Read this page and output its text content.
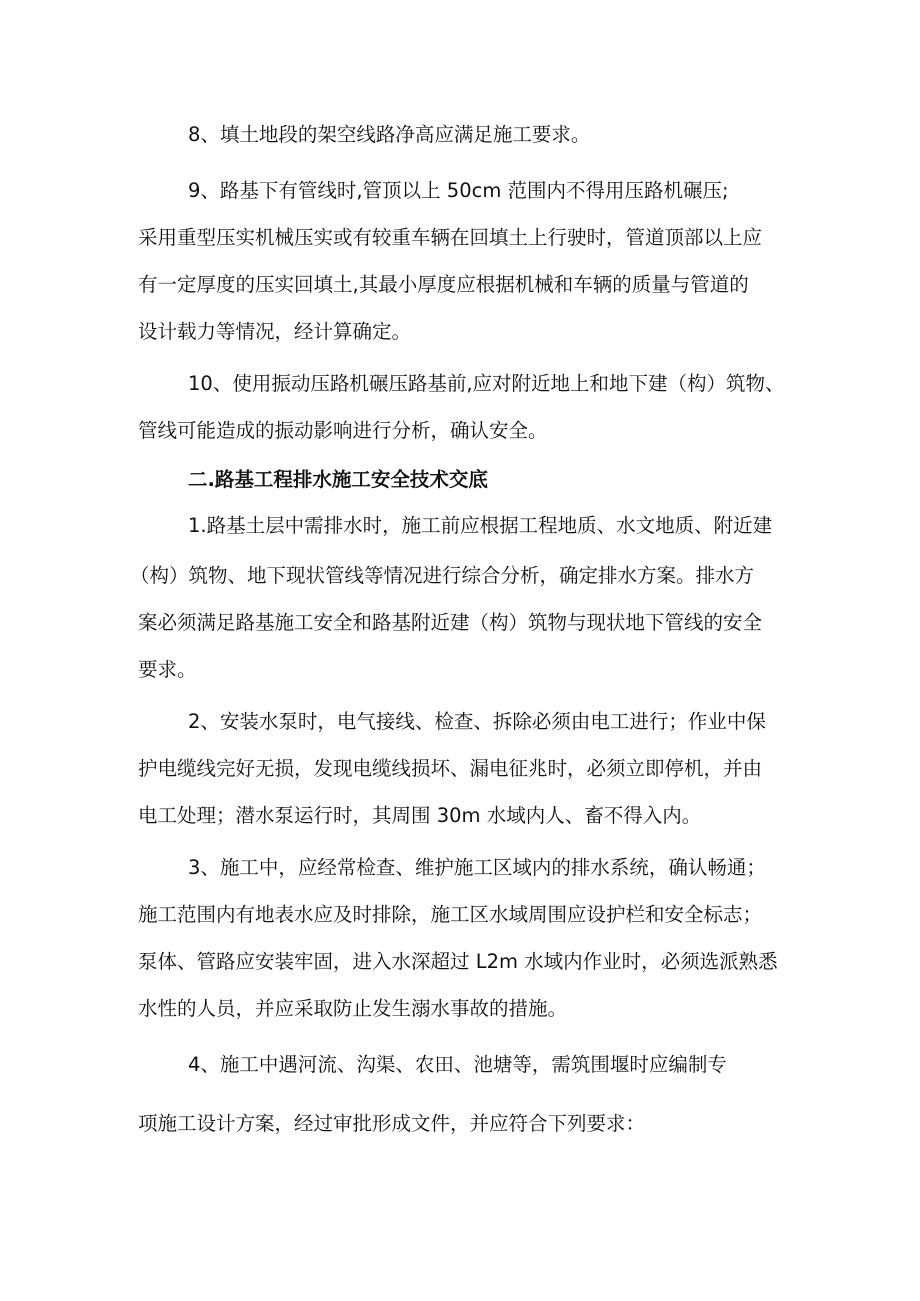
8、填土地段的架空线路净高应满足施工要求。
9、路基下有管线时,管顶以上 50cm 范围内不得用压路机碾压;
采用重型压实机械压实或有较重车辆在回填土上行驶时，管道顶部以上应
有一定厚度的压实回填土,其最小厚度应根据机械和车辆的质量与管道的
设计载力等情况，经计算确定。
10、使用振动压路机碾压路基前,应对附近地上和地下建（构）筑物、
管线可能造成的振动影响进行分析，确认安全。
二.路基工程排水施工安全技术交底
1.路基土层中需排水时，施工前应根据工程地质、水文地质、附近建
（构）筑物、地下现状管线等情况进行综合分析，确定排水方案。排水方
案必须满足路基施工安全和路基附近建（构）筑物与现状地下管线的安全
要求。
2、安装水泵时，电气接线、检查、拆除必须由电工进行；作业中保
护电缆线完好无损，发现电缆线损坏、漏电征兆时，必须立即停机，并由
电工处理；潜水泵运行时，其周围 30m 水域内人、畜不得入内。
3、施工中，应经常检查、维护施工区域内的排水系统，确认畅通；
施工范围内有地表水应及时排除，施工区水域周围应设护栏和安全标志；
泵体、管路应安装牢固，进入水深超过 L2m 水域内作业时，必须选派熟悉
水性的人员，并应采取防止发生溺水事故的措施。
4、施工中遇河流、沟渠、农田、池塘等，需筑围堰时应编制专
项施工设计方案，经过审批形成文件，并应符合下列要求：
